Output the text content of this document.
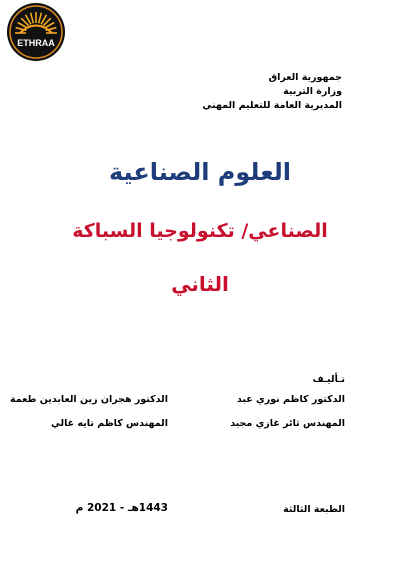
ETHRAA
جمهورية العراق
وزارة التربية
المديرية العامة للتعليم المهني
العلوم الصناعية
الصناعي/ تكنولوجيا السباكة
الثاني
تـأليـف
الدكتور كاظم نوري عبد
الدكتور هجران زين العابدين طعمة
المهندس ثائر غازي مجيد
المهندس كاظم تايه غالي
الطبعة الثالثة
1443هـ - 2021 م
